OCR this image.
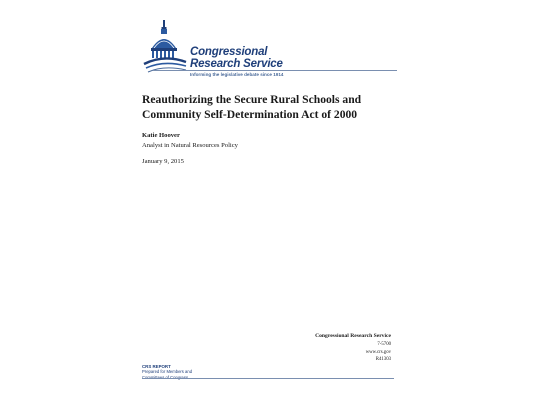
Congressional
Research Service
Informing the legislative debate since 1914
Reauthorizing the Secure Rural Schools and
Community Self-Determination Act of 2000
Katie Hoover
Analyst in Natural Resources Policy
January 9, 2015
Congressional Research Service
7-5700
www.crs.gov
R41303
CRS REPORT
Prepared for Members and
Committees of Congress
